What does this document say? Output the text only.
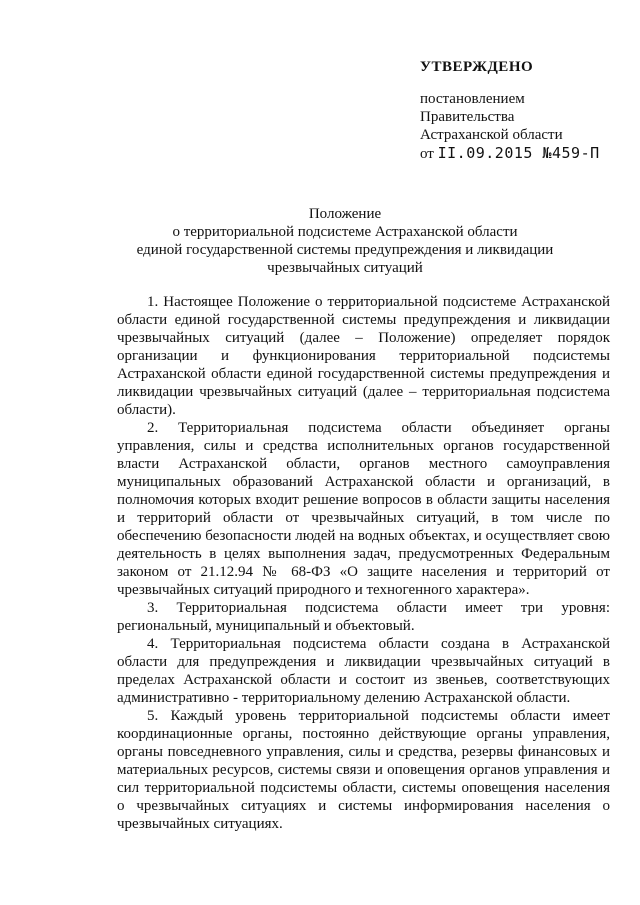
УТВЕРЖДЕНО
постановлением
Правительства
Астраханской области
от II.09.2015 №459-П
Положение
о территориальной подсистеме Астраханской области
единой государственной системы предупреждения и ликвидации
чрезвычайных ситуаций

1. Настоящее Положение о территориальной подсистеме Астраханской области единой государственной системы предупреждения и ликвидации чрезвычайных ситуаций (далее – Положение) определяет порядок организации и функционирования территориальной подсистемы Астраханской области единой государственной системы предупреждения и ликвидации чрезвычайных ситуаций (далее – территориальная подсистема области).

2. Территориальная подсистема области объединяет органы управления, силы и средства исполнительных органов государственной власти Астраханской области, органов местного самоуправления муниципальных образований Астраханской области и организаций, в полномочия которых входит решение вопросов в области защиты населения и территорий области от чрезвычайных ситуаций, в том числе по обеспечению безопасности людей на водных объектах, и осуществляет свою деятельность в целях выполнения задач, предусмотренных Федеральным законом от 21.12.94 № 68-ФЗ «О защите населения и территорий от чрезвычайных ситуаций природного и техногенного характера».

3. Территориальная подсистема области имеет три уровня: региональный, муниципальный и объектовый.

4. Территориальная подсистема области создана в Астраханской области для предупреждения и ликвидации чрезвычайных ситуаций в пределах Астраханской области и состоит из звеньев, соответствующих административно - территориальному делению Астраханской области.

5. Каждый уровень территориальной подсистемы области имеет координационные органы, постоянно действующие органы управления, органы повседневного управления, силы и средства, резервы финансовых и материальных ресурсов, системы связи и оповещения органов управления и сил территориальной подсистемы области, системы оповещения населения о чрезвычайных ситуациях и системы информирования населения о чрезвычайных ситуациях.
